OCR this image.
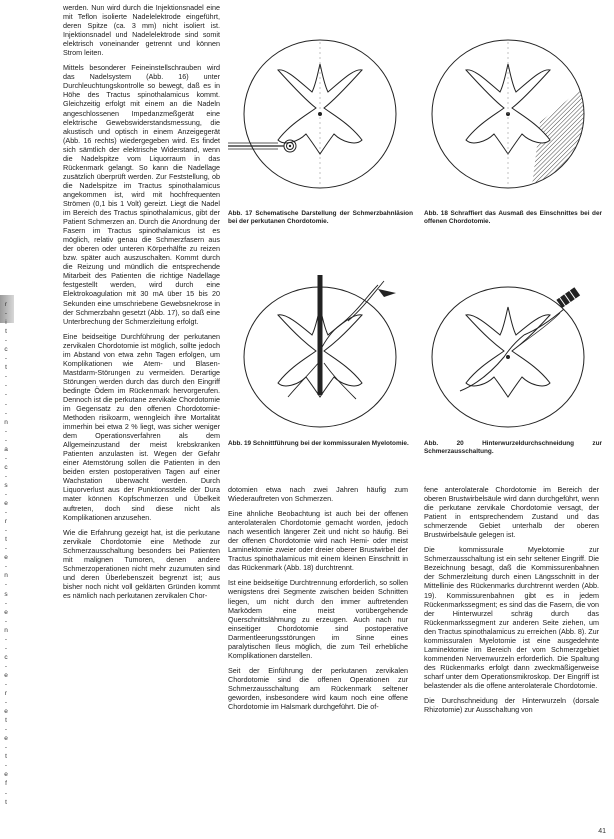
r
-
i
t
-
c
-
t
-
-
-
-
-
n
-
-
a
-
c
-
s
-
e
-
r
-
t
-
e
-
n
-
s
-
e
-
n
-
-
c
-
e
-
r
-
e
t
-
e
-
t
-
e
f
-
t

werden. Nun wird durch die Injektionsnadel eine mit Teflon isolierte Nadelelektrode eingeführt, deren Spitze (ca. 3 mm) nicht isoliert ist. Injektionsnadel und Nadelelektrode sind somit elektrisch voneinander getrennt und können Strom leiten.

Mittels besonderer Feineinstellschrauben wird das Nadelsystem (Abb. 16) unter Durchleuchtungskontrolle so bewegt, daß es in Höhe des Tractus spinothalamicus kommt. Gleichzeitig erfolgt mit einem an die Nadeln angeschlossenen Impedanzmeßgerät eine elektrische Gewebswiderstandsmessung, die akustisch und optisch in einem Anzeigegerät (Abb. 16 rechts) wiedergegeben wird. Es findet sich sämtlich der elektrische Widerstand, wenn die Nadelspitze vom Liquorraum in das Rückenmark gelangt. So kann die Nadellage zusätzlich überprüft werden. Zur Feststellung, ob die Nadelspitze im Tractus spinothalamicus angekommen ist, wird mit hochfrequenten Strömen (0,1 bis 1 Volt) gereizt. Liegt die Nadel im Bereich des Tractus spinothalamicus, gibt der Patient Schmerzen an. Durch die Anordnung der Fasern im Tractus spinothalamicus ist es möglich, relativ genau die Schmerzfasern aus der oberen oder unteren Körperhälfte zu reizen bzw. später auch auszuschalten. Kommt durch die Reizung und mündlich die entsprechende Mitarbeit des Patienten die richtige Nadellage festgestellt werden, wird durch eine Elektrokoagulation mit 30 mA über 15 bis 20 Sekunden eine umschriebene Gewebsnekrose in der Schmerzbahn gesetzt (Abb. 17), so daß eine Unterbrechung der Schmerzleitung erfolgt.

Eine beidseitige Durchführung der perkutanen zervikalen Chordotomie ist möglich, sollte jedoch im Abstand von etwa zehn Tagen erfolgen, um Komplikationen wie Atem- und Blasen-Mastdarm-Störungen zu vermeiden. Derartige Störungen werden durch das durch den Eingriff bedingte Ödem im Rückenmark hervorgerufen. Dennoch ist die perkutane zervikale Chordotomie im Gegensatz zu den offenen Chordotomie-Methoden risikoarm, wenngleich ihre Mortalität immerhin bei etwa 2 % liegt, was sicher weniger dem Operationsverfahren als dem Allgemeinzustand der meist krebskranken Patienten anzulasten ist. Wegen der Gefahr einer Atemstörung sollen die Patienten in den beiden ersten postoperativen Tagen auf einer Wachstation überwacht werden. Durch Liquorverlust aus der Punktionsstelle der Dura mater können Kopfschmerzen und Übelkeit auftreten, doch sind diese nicht als Komplikationen anzusehen.

Wie die Erfahrung gezeigt hat, ist die perkutane zervikale Chordotomie eine Methode zur Schmerzausschaltung besonders bei Patienten mit malignen Tumoren, denen andere Schmerzoperationen nicht mehr zuzumuten sind und deren Überlebenszeit begrenzt ist; aus bisher noch nicht voll geklärten Gründen kommt es nämlich nach perkutanen zervikalen Chor-

Abb. 17 Schematische Darstellung der Schmerzbahnläsion bei der perkutanen Chordotomie.
Abb. 18 Schraffiert das Ausmaß des Einschnittes bei der offenen Chordotomie.
Abb. 19 Schnittführung bei der kommissuralen Myelotomie.	Abb. 20 Hinterwurzeldurchschneidung zur Schmerzausschaltung.

dotomien etwa nach zwei Jahren häufig zum Wiederauftreten von Schmerzen.

Eine ähnliche Beobachtung ist auch bei der offenen anterolateralen Chordotomie gemacht worden, jedoch nach wesentlich längerer Zeit und nicht so häufig. Bei der offenen Chordotomie wird nach Hemi- oder meist Laminektomie zweier oder dreier oberer Brustwirbel der Tractus spinothalamicus mit einem kleinen Einschnitt in das Rückenmark (Abb. 18) durchtrennt.

Ist eine beidseitige Durchtrennung erforderlich, so sollen wenigstens drei Segmente zwischen beiden Schnitten liegen, um nicht durch den immer auftretenden Marködem eine meist vorübergehende Querschnittslähmung zu erzeugen. Auch nach nur einseitiger Chordotomie sind postoperative Darmentleerungsstörungen im Sinne eines paralytischen Ileus möglich, die zum Teil erhebliche Komplikationen darstellen.

Seit der Einführung der perkutanen zervikalen Chordotomie sind die offenen Operationen zur Schmerzausschaltung am Rückenmark seltener geworden, insbesondere wird kaum noch eine offene Chordotomie im Halsmark durchgeführt. Die of-

fene anterolaterale Chordotomie im Bereich der oberen Brustwirbelsäule wird dann durchgeführt, wenn die perkutane zervikale Chordotomie versagt, der Patient in entsprechendem Zustand und das schmerzende Gebiet unterhalb der oberen Brustwirbelsäule gelegen ist.

Die kommissurale Myelotomie zur Schmerzausschaltung ist ein sehr seltener Eingriff. Die Bezeichnung besagt, daß die Kommissurenbahnen der Schmerzleitung durch einen Längsschnitt in der Mittellinie des Rückenmarks durchtrennt werden (Abb. 19). Kommissurenbahnen gibt es in jedem Rückenmarkssegment; es sind das die Fasern, die von der Hinterwurzel schräg durch das Rückenmarkssegment zur anderen Seite ziehen, um den Tractus spinothalamicus zu erreichen (Abb. 8). Zur kommissuralen Myelotomie ist eine ausgedehnte Laminektomie im Bereich der vom Schmerzgebiet kommenden Nervenwurzeln erforderlich. Die Spaltung des Rückenmarks erfolgt dann zweckmäßigerweise scharf unter dem Operationsmikroskop. Der Eingriff ist belastender als die offene anterolaterale Chordotomie.

Die Durchschneidung der Hinterwurzeln (dorsale Rhizotomie) zur Ausschaltung von

41
